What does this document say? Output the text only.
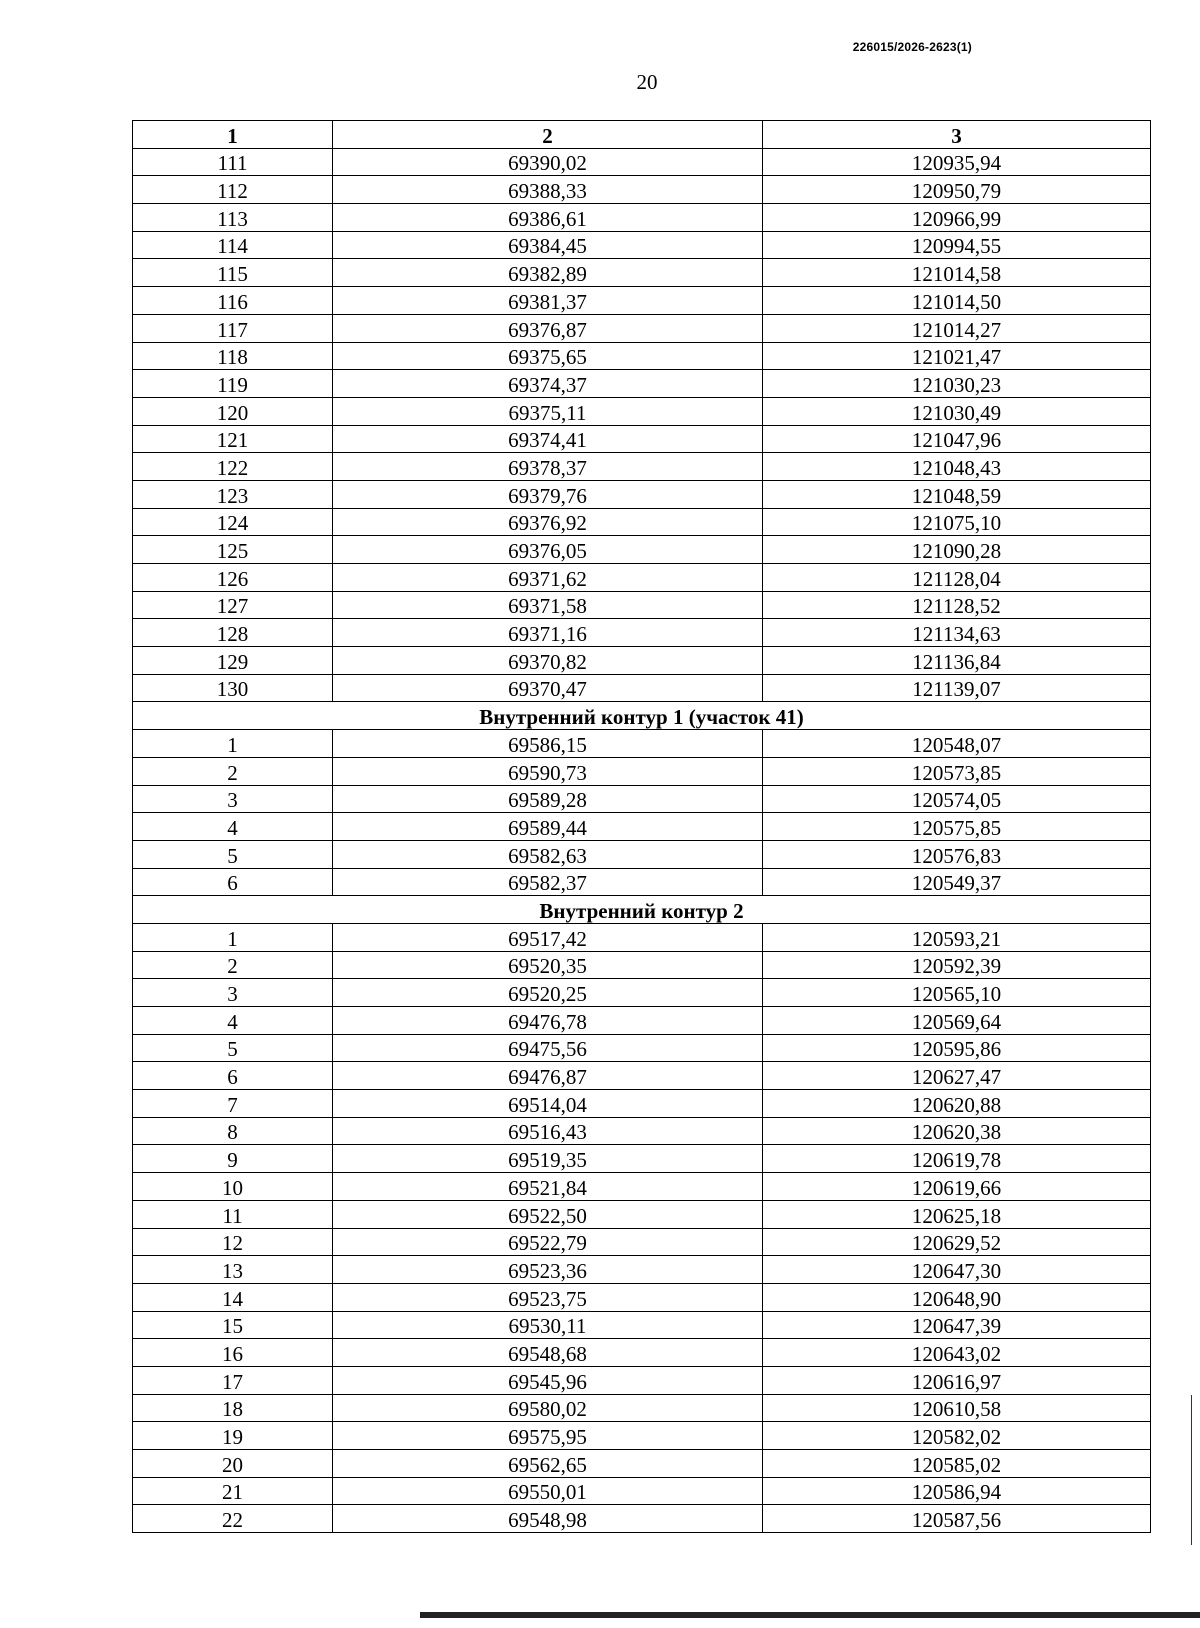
226015/2026-2623(1)
20
1	2	3
111	69390,02	120935,94
112	69388,33	120950,79
113	69386,61	120966,99
114	69384,45	120994,55
115	69382,89	121014,58
116	69381,37	121014,50
117	69376,87	121014,27
118	69375,65	121021,47
119	69374,37	121030,23
120	69375,11	121030,49
121	69374,41	121047,96
122	69378,37	121048,43
123	69379,76	121048,59
124	69376,92	121075,10
125	69376,05	121090,28
126	69371,62	121128,04
127	69371,58	121128,52
128	69371,16	121134,63
129	69370,82	121136,84
130	69370,47	121139,07
Внутренний контур 1 (участок 41)		
1	69586,15	120548,07
2	69590,73	120573,85
3	69589,28	120574,05
4	69589,44	120575,85
5	69582,63	120576,83
6	69582,37	120549,37
Внутренний контур 2		
1	69517,42	120593,21
2	69520,35	120592,39
3	69520,25	120565,10
4	69476,78	120569,64
5	69475,56	120595,86
6	69476,87	120627,47
7	69514,04	120620,88
8	69516,43	120620,38
9	69519,35	120619,78
10	69521,84	120619,66
11	69522,50	120625,18
12	69522,79	120629,52
13	69523,36	120647,30
14	69523,75	120648,90
15	69530,11	120647,39
16	69548,68	120643,02
17	69545,96	120616,97
18	69580,02	120610,58
19	69575,95	120582,02
20	69562,65	120585,02
21	69550,01	120586,94
22	69548,98	120587,56
